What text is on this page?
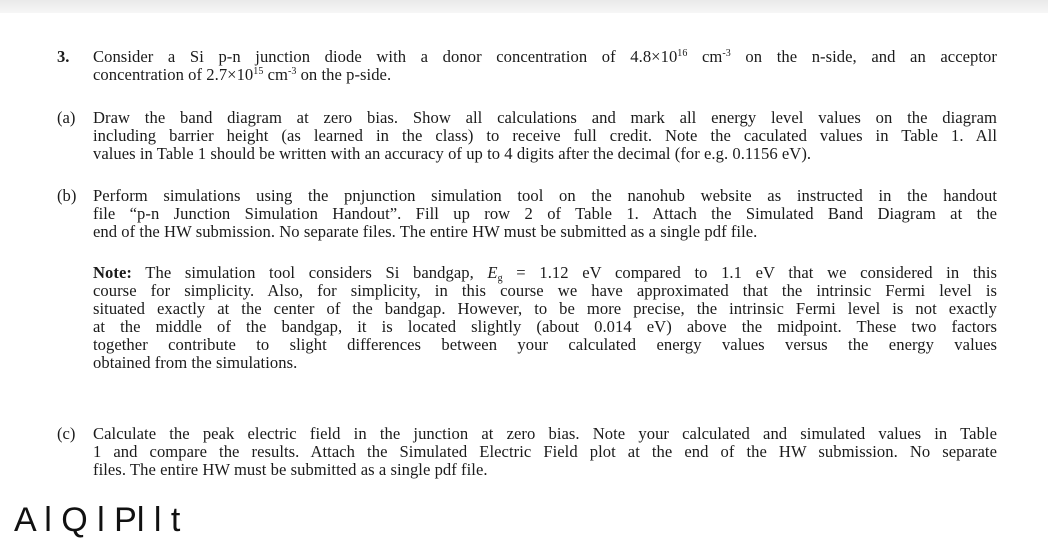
3. Consider a Si p-n junction diode with a donor concentration of $4.8\times 10^{16}$ $cm^{-3}$ on the n-side, and an acceptor
concentration of $2.7\times 10^{15}$ $cm^{-3}$ on the p-side.
(a) Draw the band diagram at zero bias. Show all calculations and mark all energy level values on the diagram
including barrier height (as learned in the class) to receive full credit. Note the caculated values in Table 1. All
values in Table 1 should be written with an accuracy of up to 4 digits after the decimal (for e.g. 0.1156 eV).
(b) Perform simulations using the pnjunction simulation tool on the nanohub website as instructed in the handout
file “p-n Junction Simulation Handout”. Fill up row 2 of Table 1. Attach the Simulated Band Diagram at the
end of the HW submission. No separate files. The entire HW must be submitted as a single pdf file.
Note: The simulation tool considers Si bandgap, $E_g = 1.12$ eV compared to 1.1 eV that we considered in this
course for simplicity. Also, for simplicity, in this course we have approximated that the intrinsic Fermi level is
situated exactly at the center of the bandgap. However, to be more precise, the intrinsic Fermi level is not exactly
at the middle of the bandgap, it is located slightly (about 0.014 eV) above the midpoint. These two factors
together contribute to slight differences between your calculated energy values versus the energy values
obtained from the simulations.
(c) Calculate the peak electric field in the junction at zero bias. Note your calculated and simulated values in Table
1 and compare the results. Attach the Simulated Electric Field plot at the end of the HW submission. No separate
files. The entire HW must be submitted as a single pdf file.
A l Q l Pl l t
